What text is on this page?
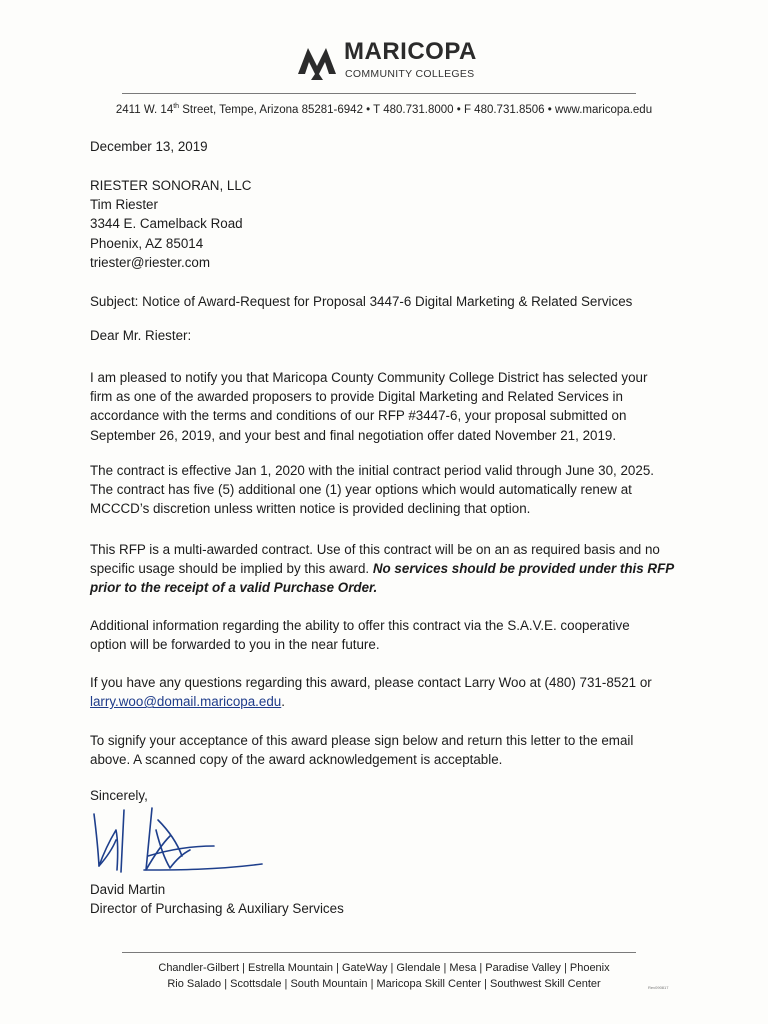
MARICOPA
COMMUNITY COLLEGES
2411 W. 14th Street, Tempe, Arizona 85281-6942 • T 480.731.8000 • F 480.731.8506 • www.maricopa.edu
December 13, 2019

RIESTER SONORAN, LLC

Tim Riester

3344 E. Camelback Road

Phoenix, AZ 85014

triester@riester.com

Subject: Notice of Award-Request for Proposal 3447-6 Digital Marketing & Related Services
Dear Mr. Riester:

I am pleased to notify you that Maricopa County Community College District has selected your

firm as one of the awarded proposers to provide Digital Marketing and Related Services in

accordance with the terms and conditions of our RFP #3447-6, your proposal submitted on

September 26, 2019, and your best and final negotiation offer dated November 21, 2019.

The contract is effective Jan 1, 2020 with the initial contract period valid through June 30, 2025.

The contract has five (5) additional one (1) year options which would automatically renew at

MCCCD’s discretion unless written notice is provided declining that option.

This RFP is a multi-awarded contract. Use of this contract will be on an as required basis and no

specific usage should be implied by this award. No services should be provided under this RFP

prior to the receipt of a valid Purchase Order.

Additional information regarding the ability to offer this contract via the S.A.V.E. cooperative

option will be forwarded to you in the near future.

If you have any questions regarding this award, please contact Larry Woo at (480) 731-8521 or

larry.woo@domail.maricopa.edu.

To signify your acceptance of this award please sign below and return this letter to the email

above. A scanned copy of the award acknowledgement is acceptable.

Sincerely,

David Martin

Director of Purchasing & Auxiliary Services

Chandler-Gilbert | Estrella Mountain | GateWay | Glendale | Mesa | Paradise Valley | Phoenix
Rio Salado | Scottsdale | South Mountain | Maricopa Skill Center | Southwest Skill Center	Rev090817
